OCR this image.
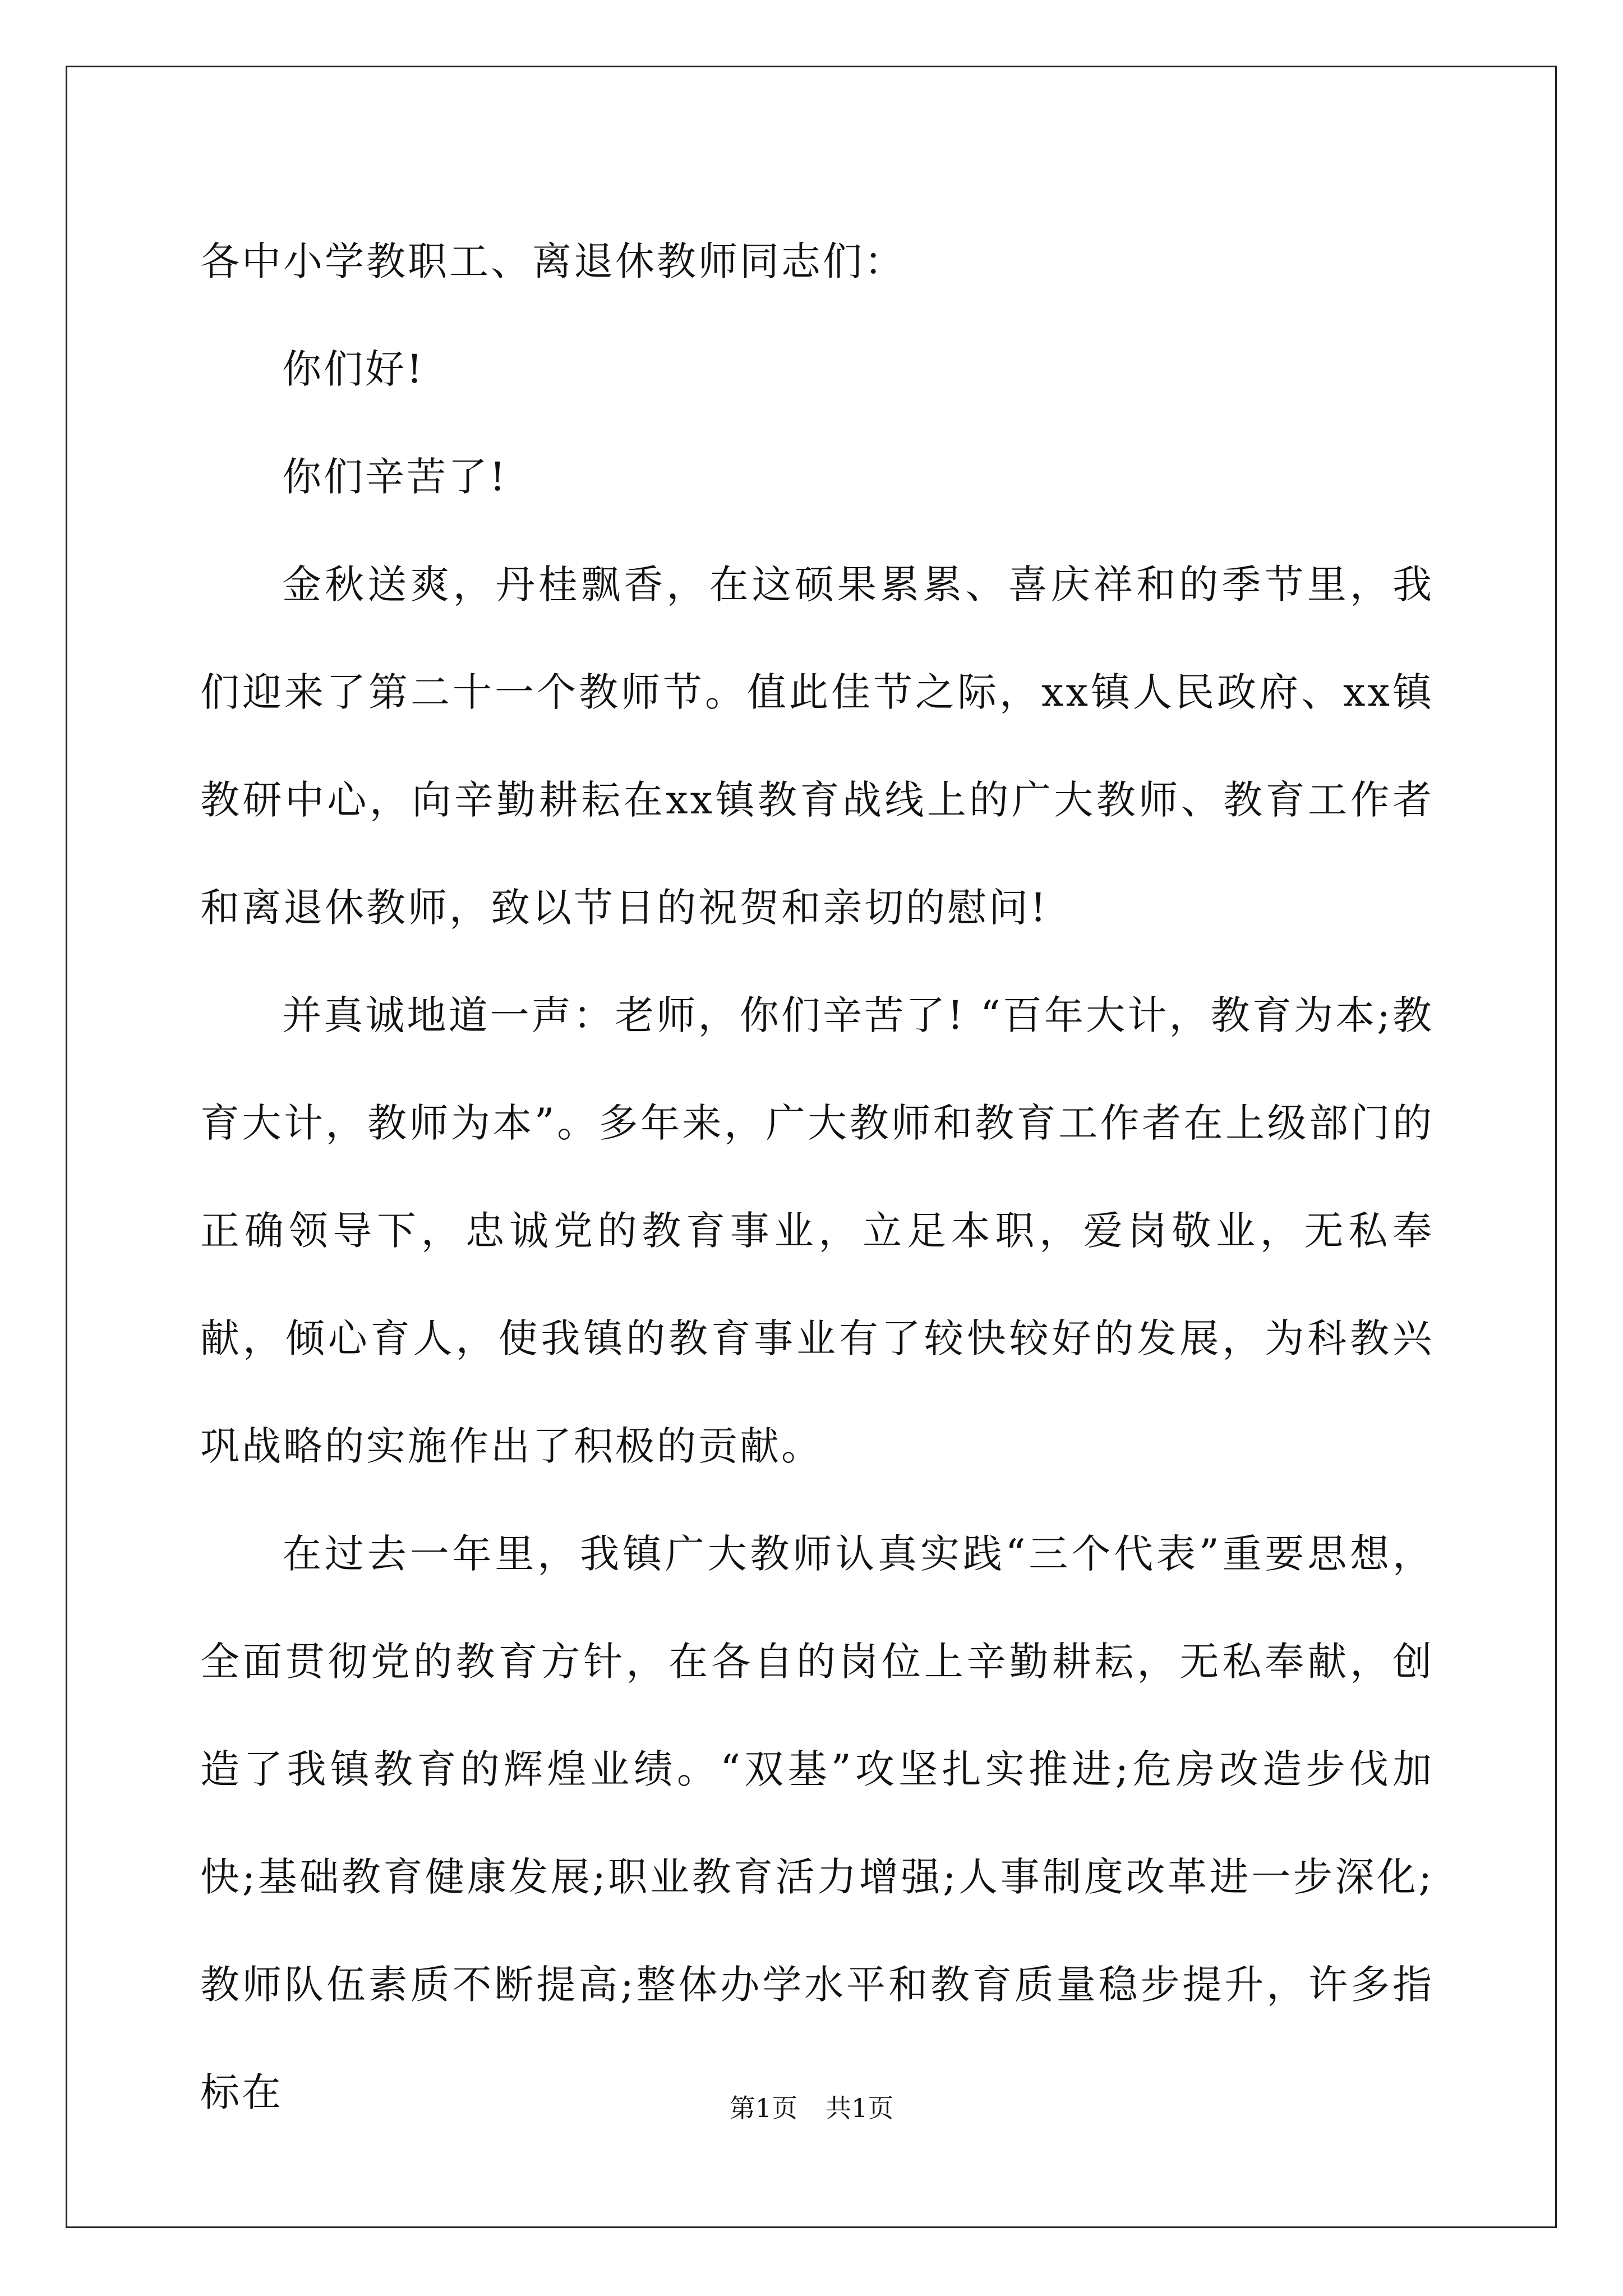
各中小学教职工、离退休教师同志们：

你们好!

你们辛苦了!

金秋送爽，丹桂飘香，在这硕果累累、喜庆祥和的季节里，我们迎来了第二十一个教师节。值此佳节之际，xx镇人民政府、xx镇教研中心，向辛勤耕耘在xx镇教育战线上的广大教师、教育工作者和离退休教师，致以节日的祝贺和亲切的慰问!

并真诚地道一声：老师，你们辛苦了! “百年大计，教育为本;教育大计，教师为本”。多年来，广大教师和教育工作者在上级部门的正确领导下，忠诚党的教育事业，立足本职，爱岗敬业，无私奉献，倾心育人，使我镇的教育事业有了较快较好的发展，为科教兴巩战略的实施作出了积极的贡献。

在过去一年里，我镇广大教师认真实践“三个代表”重要思想，全面贯彻党的教育方针，在各自的岗位上辛勤耕耘，无私奉献，创造了我镇教育的辉煌业绩。“双基”攻坚扎实推进;危房改造步伐加快;基础教育健康发展;职业教育活力增强;人事制度改革进一步深化;教师队伍素质不断提高;整体办学水平和教育质量稳步提升，许多指标在	第1页 共1页
